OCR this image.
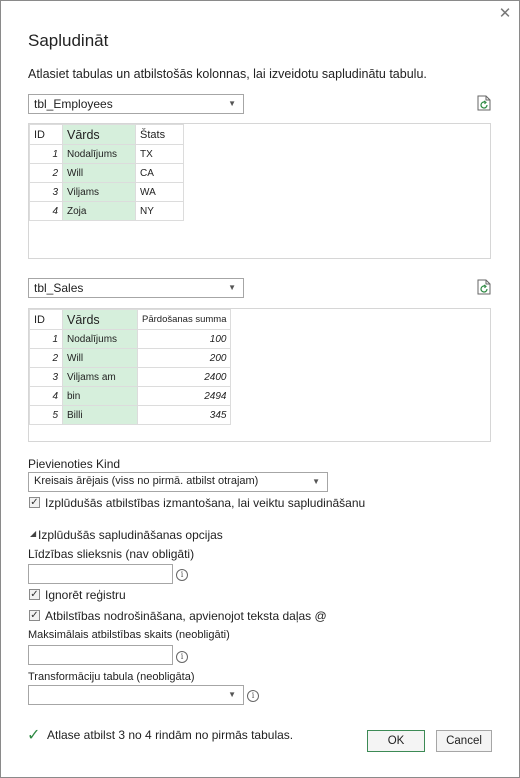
✕
Sapludināt
Atlasiet tabulas un atbilstošās kolonnas, lai izveidotu sapludinātu tabulu.
tbl_Employees	▼
ID	Vārds	Štats
1	Nodalījums	TX
2	Will	CA
3	Viljams	WA
4	Zoja	NY
tbl_Sales	▼
ID	Vārds	Pārdošanas summa
1	Nodalījums	100
2	Will	200
3	Viljams am	2400
4	bin	2494
5	Billi	345
Pievienoties Kind
Kreisais ārējais (viss no pirmā. atbilst otrajam)	▼
✓ Izplūdušās atbilstības izmantošana, lai veiktu sapludināšanu
◢ Izplūdušās sapludināšanas opcijas
Līdzības slieksnis (nav obligāti)
i
✓ Ignorēt reģistru
✓ Atbilstības nodrošināšana, apvienojot teksta daļas @
Maksimālais atbilstības skaits (neobligāti)
i
Transformāciju tabula (neobligāta)
▼	i
✓ Atlase atbilst 3 no 4 rindām no pirmās tabulas.	OK	Cancel
